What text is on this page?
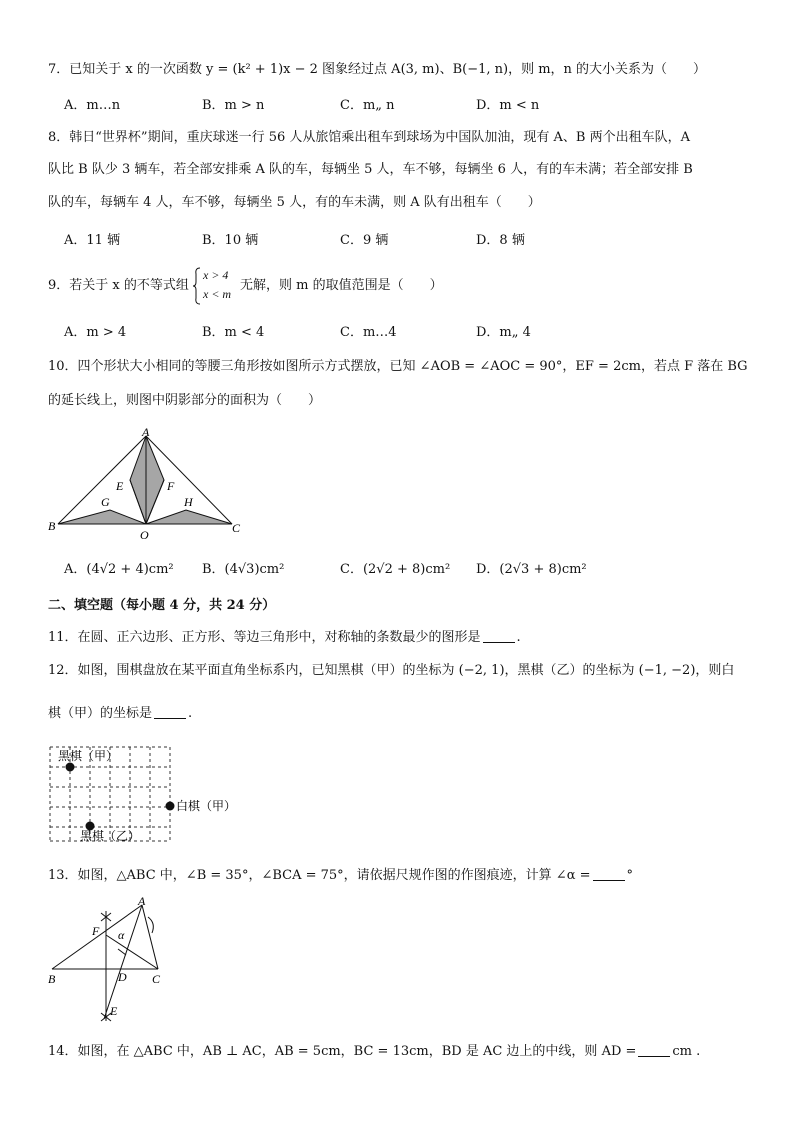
7．已知关于 x 的一次函数 y = (k² + 1)x − 2 图象经过点 A(3, m)、B(−1, n)，则 m，n 的大小关系为（　　）
A．m…n	B．m > n	C．m„ n	D．m < n
8．韩日“世界杯”期间，重庆球迷一行 56 人从旅馆乘出租车到球场为中国队加油，现有 A、B 两个出租车队，A
队比 B 队少 3 辆车，若全部安排乘 A 队的车，每辆坐 5 人，车不够，每辆坐 6 人，有的车未满；若全部安排 B
队的车，每辆车 4 人，车不够，每辆坐 5 人，有的车未满，则 A 队有出租车（　　）
A．11 辆	B．10 辆	C．9 辆	D．8 辆
9．若关于 x 的不等式组
x > 4
x < m
无解，则 m 的取值范围是（　　）
A．m > 4	B．m < 4	C．m…4	D．m„ 4
10．四个形状大小相同的等腰三角形按如图所示方式摆放，已知 ∠AOB = ∠AOC = 90°，EF = 2cm，若点 F 落在 BG
的延长线上，则图中阴影部分的面积为（　　）
A
E	F
G	H
B
O	C
A．(4√2 + 4)cm² B．(4√3)cm²	C．(2√2 + 8)cm² D．(2√3 + 8)cm²
二、填空题（每小题 4 分，共 24 分）
11．在圆、正六边形、正方形、等边三角形中，对称轴的条数最少的图形是	.
12．如图，围棋盘放在某平面直角坐标系内，已知黑棋（甲）的坐标为 (−2, 1)，黑棋（乙）的坐标为 (−1, −2)，则白
棋（甲）的坐标是	.
黑棋（甲）
白棋（甲）
黑棋（乙）
13．如图，△ABC 中，∠B = 35°，∠BCA = 75°，请依据尺规作图的作图痕迹，计算 ∠α =	°
A
F α
B	D C
E
14．如图，在 △ABC 中，AB ⊥ AC，AB = 5cm，BC = 13cm，BD 是 AC 边上的中线，则 AD =	cm .
